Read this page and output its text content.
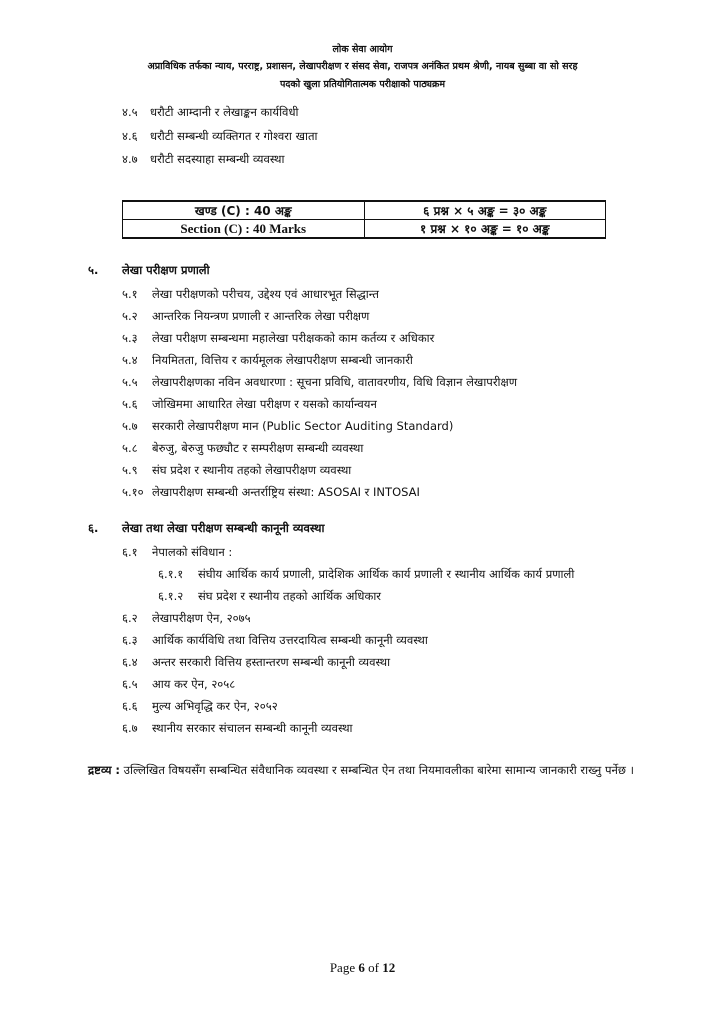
लोक सेवा आयोग
अप्राविधिक तर्फका न्याय, परराष्ट्र, प्रशासन, लेखापरीक्षण र संसद सेवा, राजपत्र अनंकित प्रथम श्रेणी, नायब सुब्बा वा सो सरह
पदको खुला प्रतियोगितात्मक परीक्षाको पाठ्यक्रम
४.५ धरौटी आम्दानी र लेखाङ्कन कार्यविधी
४.६ धरौटी सम्बन्धी व्यक्तिगत र गोश्वरा खाता
४.७ धरौटी सदस्याहा सम्बन्धी व्यवस्था
खण्ड (C) : 40 अङ्क	६ प्रश्न × ५ अङ्क = ३० अङ्क
Section (C) : 40 Marks	१ प्रश्न × १० अङ्क = १० अङ्क
५. लेखा परीक्षण प्रणाली
५.१ लेखा परीक्षणको परीचय, उद्देश्य एवं आधारभूत सिद्धान्त
५.२ आन्तरिक नियन्त्रण प्रणाली र आन्तरिक लेखा परीक्षण
५.३ लेखा परीक्षण सम्बन्धमा महालेखा परीक्षकको काम कर्तव्य र अधिकार
५.४ नियमितता, वित्तिय र कार्यमूलक लेखापरीक्षण सम्बन्धी जानकारी
५.५ लेखापरीक्षणका नविन अवधारणा : सूचना प्रविधि, वातावरणीय, विधि विज्ञान लेखापरीक्षण
५.६ जोखिममा आधारित लेखा परीक्षण र यसको कार्यान्वयन
५.७ सरकारी लेखापरीक्षण मान (Public Sector Auditing Standard)
५.८ बेरुजु, बेरुजु फछ्यौट र सम्परीक्षण सम्बन्धी व्यवस्था
५.९ संघ प्रदेश र स्थानीय तहको लेखापरीक्षण व्यवस्था
५.१० लेखापरीक्षण सम्बन्धी अन्तर्राष्ट्रिय संस्था: ASOSAI र INTOSAI
६. लेखा तथा लेखा परीक्षण सम्बन्धी कानूनी व्यवस्था
६.१ नेपालको संविधान :
६.१.१ संघीय आर्थिक कार्य प्रणाली, प्रादेशिक आर्थिक कार्य प्रणाली र स्थानीय आर्थिक कार्य प्रणाली
६.१.२ संघ प्रदेश र स्थानीय तहको आर्थिक अधिकार
६.२ लेखापरीक्षण ऐन, २०७५
६.३ आर्थिक कार्यविधि तथा वित्तिय उत्तरदायित्व सम्बन्धी कानूनी व्यवस्था
६.४ अन्तर सरकारी वित्तिय हस्तान्तरण सम्बन्धी कानूनी व्यवस्था
६.५ आय कर ऐन, २०५८
६.६ मुल्य अभिवृद्धि कर ऐन, २०५२
६.७ स्थानीय सरकार संचालन सम्बन्धी कानूनी व्यवस्था
द्रष्टव्य : उल्लिखित विषयसँग सम्बन्धित संवैधानिक व्यवस्था र सम्बन्धित ऐन तथा नियमावलीका बारेमा सामान्य जानकारी राख्नु पर्नेछ ।
Page 6 of 12
